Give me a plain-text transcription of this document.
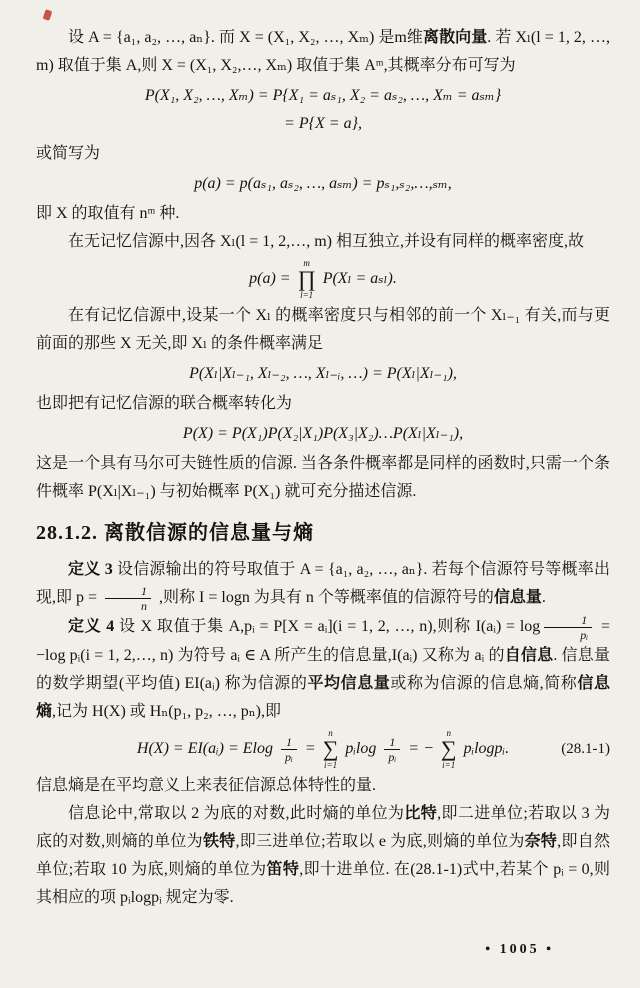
设 A = {a₁, a₂, …, aₙ}. 而 X = (X₁, X₂, …, Xₘ) 是m维离散向量. 若 Xₗ(l = 1, 2, …, m) 取值于集 A,则 X = (X₁, X₂,…, Xₘ) 取值于集 Aᵐ,其概率分布可写为

P(X₁, X₂, …, Xₘ) = P{X₁ = aₛ₁, X₂ = aₛ₂, …, Xₘ = aₛₘ}
= P{X = a},

或简写为

p(a) = p(aₛ₁, aₛ₂, …, aₛₘ) = pₛ₁,ₛ₂,…,ₛₘ,

即 X 的取值有 nᵐ 种.

在无记忆信源中,因各 Xₗ(l = 1, 2,…, m) 相互独立,并设有同样的概率密度,故

p(a) =
m
∏
l=1
P(Xₗ = aₛₗ).

在有记忆信源中,设某一个 Xₗ 的概率密度只与相邻的前一个 Xₗ₋₁ 有关,而与更前面的那些 X 无关,即 Xₗ 的条件概率满足

P(Xₗ|Xₗ₋₁, Xₗ₋₂, …, Xₗ₋ᵢ, …) = P(Xₗ|Xₗ₋₁),

也即把有记忆信源的联合概率转化为

P(X) = P(X₁)P(X₂|X₁)P(X₃|X₂)…P(Xₗ|Xₗ₋₁),

这是一个具有马尔可夫链性质的信源. 当各条件概率都是同样的函数时,只需一个条件概率 P(Xₗ|Xₗ₋₁) 与初始概率 P(X₁) 就可充分描述信源.

28.1.2. 离散信源的信息量与熵

定义 3 设信源输出的符号取值于 A = {a₁, a₂, …, aₙ}. 若每个信源符号等概率出现,即 $p = \frac{1}{n}$ ,则称 I = logn 为具有 n 个等概率值的信源符号的信息量.

定义 4 设 X 取值于集 A,pᵢ = P[X = aᵢ](i = 1, 2, …, n),则称 I(aᵢ) = $\log \frac{1}{\text{pᵢ}} = -\log$ pᵢ(i = 1, 2,…, n) 为符号 aᵢ ∈ A 所产生的信息量,I(aᵢ) 又称为 aᵢ 的自信息. 信息量的数学期望(平均值) EI(aᵢ) 称为信源的平均信息量或称为信源的信息熵,简称信息熵,记为 H(X) 或 Hₙ(p₁, p₂, …, pₙ),即

H(X) = EI(aᵢ) = Elog $\frac{1}{\text{pᵢ}}$ =
n
∑
i=1
pᵢlog $\frac{1}{\text{pᵢ}}$ = −
n
∑
i=1
pᵢlogpᵢ.	(28.1-1)

信息熵是在平均意义上来表征信源总体特性的量.

信息论中,常取以 2 为底的对数,此时熵的单位为比特,即二进单位;若取以 3 为底的对数,则熵的单位为铁特,即三进单位;若取以 e 为底,则熵的单位为奈特,即自然单位;若取 10 为底,则熵的单位为笛特,即十进单位. 在(28.1-1)式中,若某个 pᵢ = 0,则其相应的项 pᵢlogpᵢ 规定为零.

• 1005 •
